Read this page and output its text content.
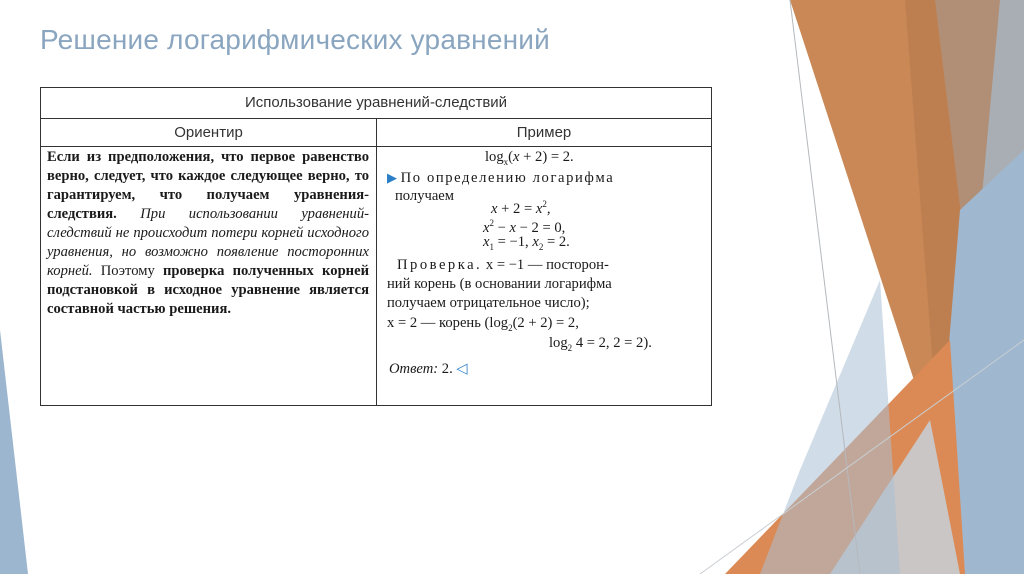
Решение логарифмических уравнений
Использование уравнений-следствий
Ориентир	Пример
Если из предположения, что первое равенство верно, следует, что каждое следующее верно, то гарантируем, что получаем уравнения-следствия. При использовании уравнений-следствий не происходит потери корней исходного уравнения, но возможно появление посторонних корней. Поэтому проверка полученных корней подстановкой в исходное уравнение является составной частью решения.
$\log_x(x + 2) = 2$.
▶ По определению логарифма
получаем
$x + 2 = x^2$,
$x^2 - x - 2 = 0$,
$x_1 = -1$, $x_2 = 2$.
Проверка. x = −1 — посторон-
ний корень (в основании логарифма
получаем отрицательное число);
x = 2 — корень ($\log_2(2 + 2) = 2$,
$\log_2 4 = 2$, 2 = 2).
Ответ: 2. ◁
